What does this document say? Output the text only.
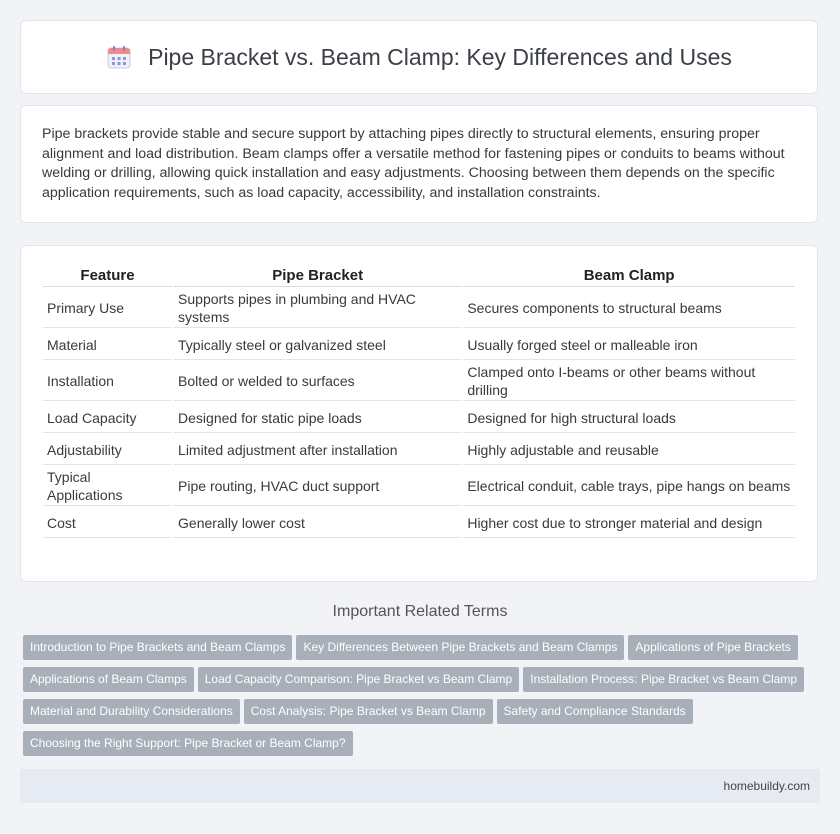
Pipe Bracket vs. Beam Clamp: Key Differences and Uses

Pipe brackets provide stable and secure support by attaching pipes directly to structural elements, ensuring proper alignment and load distribution. Beam clamps offer a versatile method for fastening pipes or conduits to beams without welding or drilling, allowing quick installation and easy adjustments. Choosing between them depends on the specific application requirements, such as load capacity, accessibility, and installation constraints.

Feature	Pipe Bracket	Beam Clamp
Primary Use	Supports pipes in plumbing and HVAC systems	Secures components to structural beams
Material	Typically steel or galvanized steel	Usually forged steel or malleable iron
Installation	Bolted or welded to surfaces	Clamped onto I-beams or other beams without drilling
Load Capacity	Designed for static pipe loads	Designed for high structural loads
Adjustability	Limited adjustment after installation	Highly adjustable and reusable
Typical Applications	Pipe routing, HVAC duct support	Electrical conduit, cable trays, pipe hangs on beams
Cost	Generally lower cost	Higher cost due to stronger material and design
Important Related Terms
Introduction to Pipe Brackets and Beam Clamps Key Differences Between Pipe Brackets and Beam Clamps Applications of Pipe BracketsApplications of Beam Clamps Load Capacity Comparison: Pipe Bracket vs Beam Clamp Installation Process: Pipe Bracket vs Beam ClampMaterial and Durability Considerations Cost Analysis: Pipe Bracket vs Beam Clamp Safety and Compliance StandardsChoosing the Right Support: Pipe Bracket or Beam Clamp?
homebuildy.com
